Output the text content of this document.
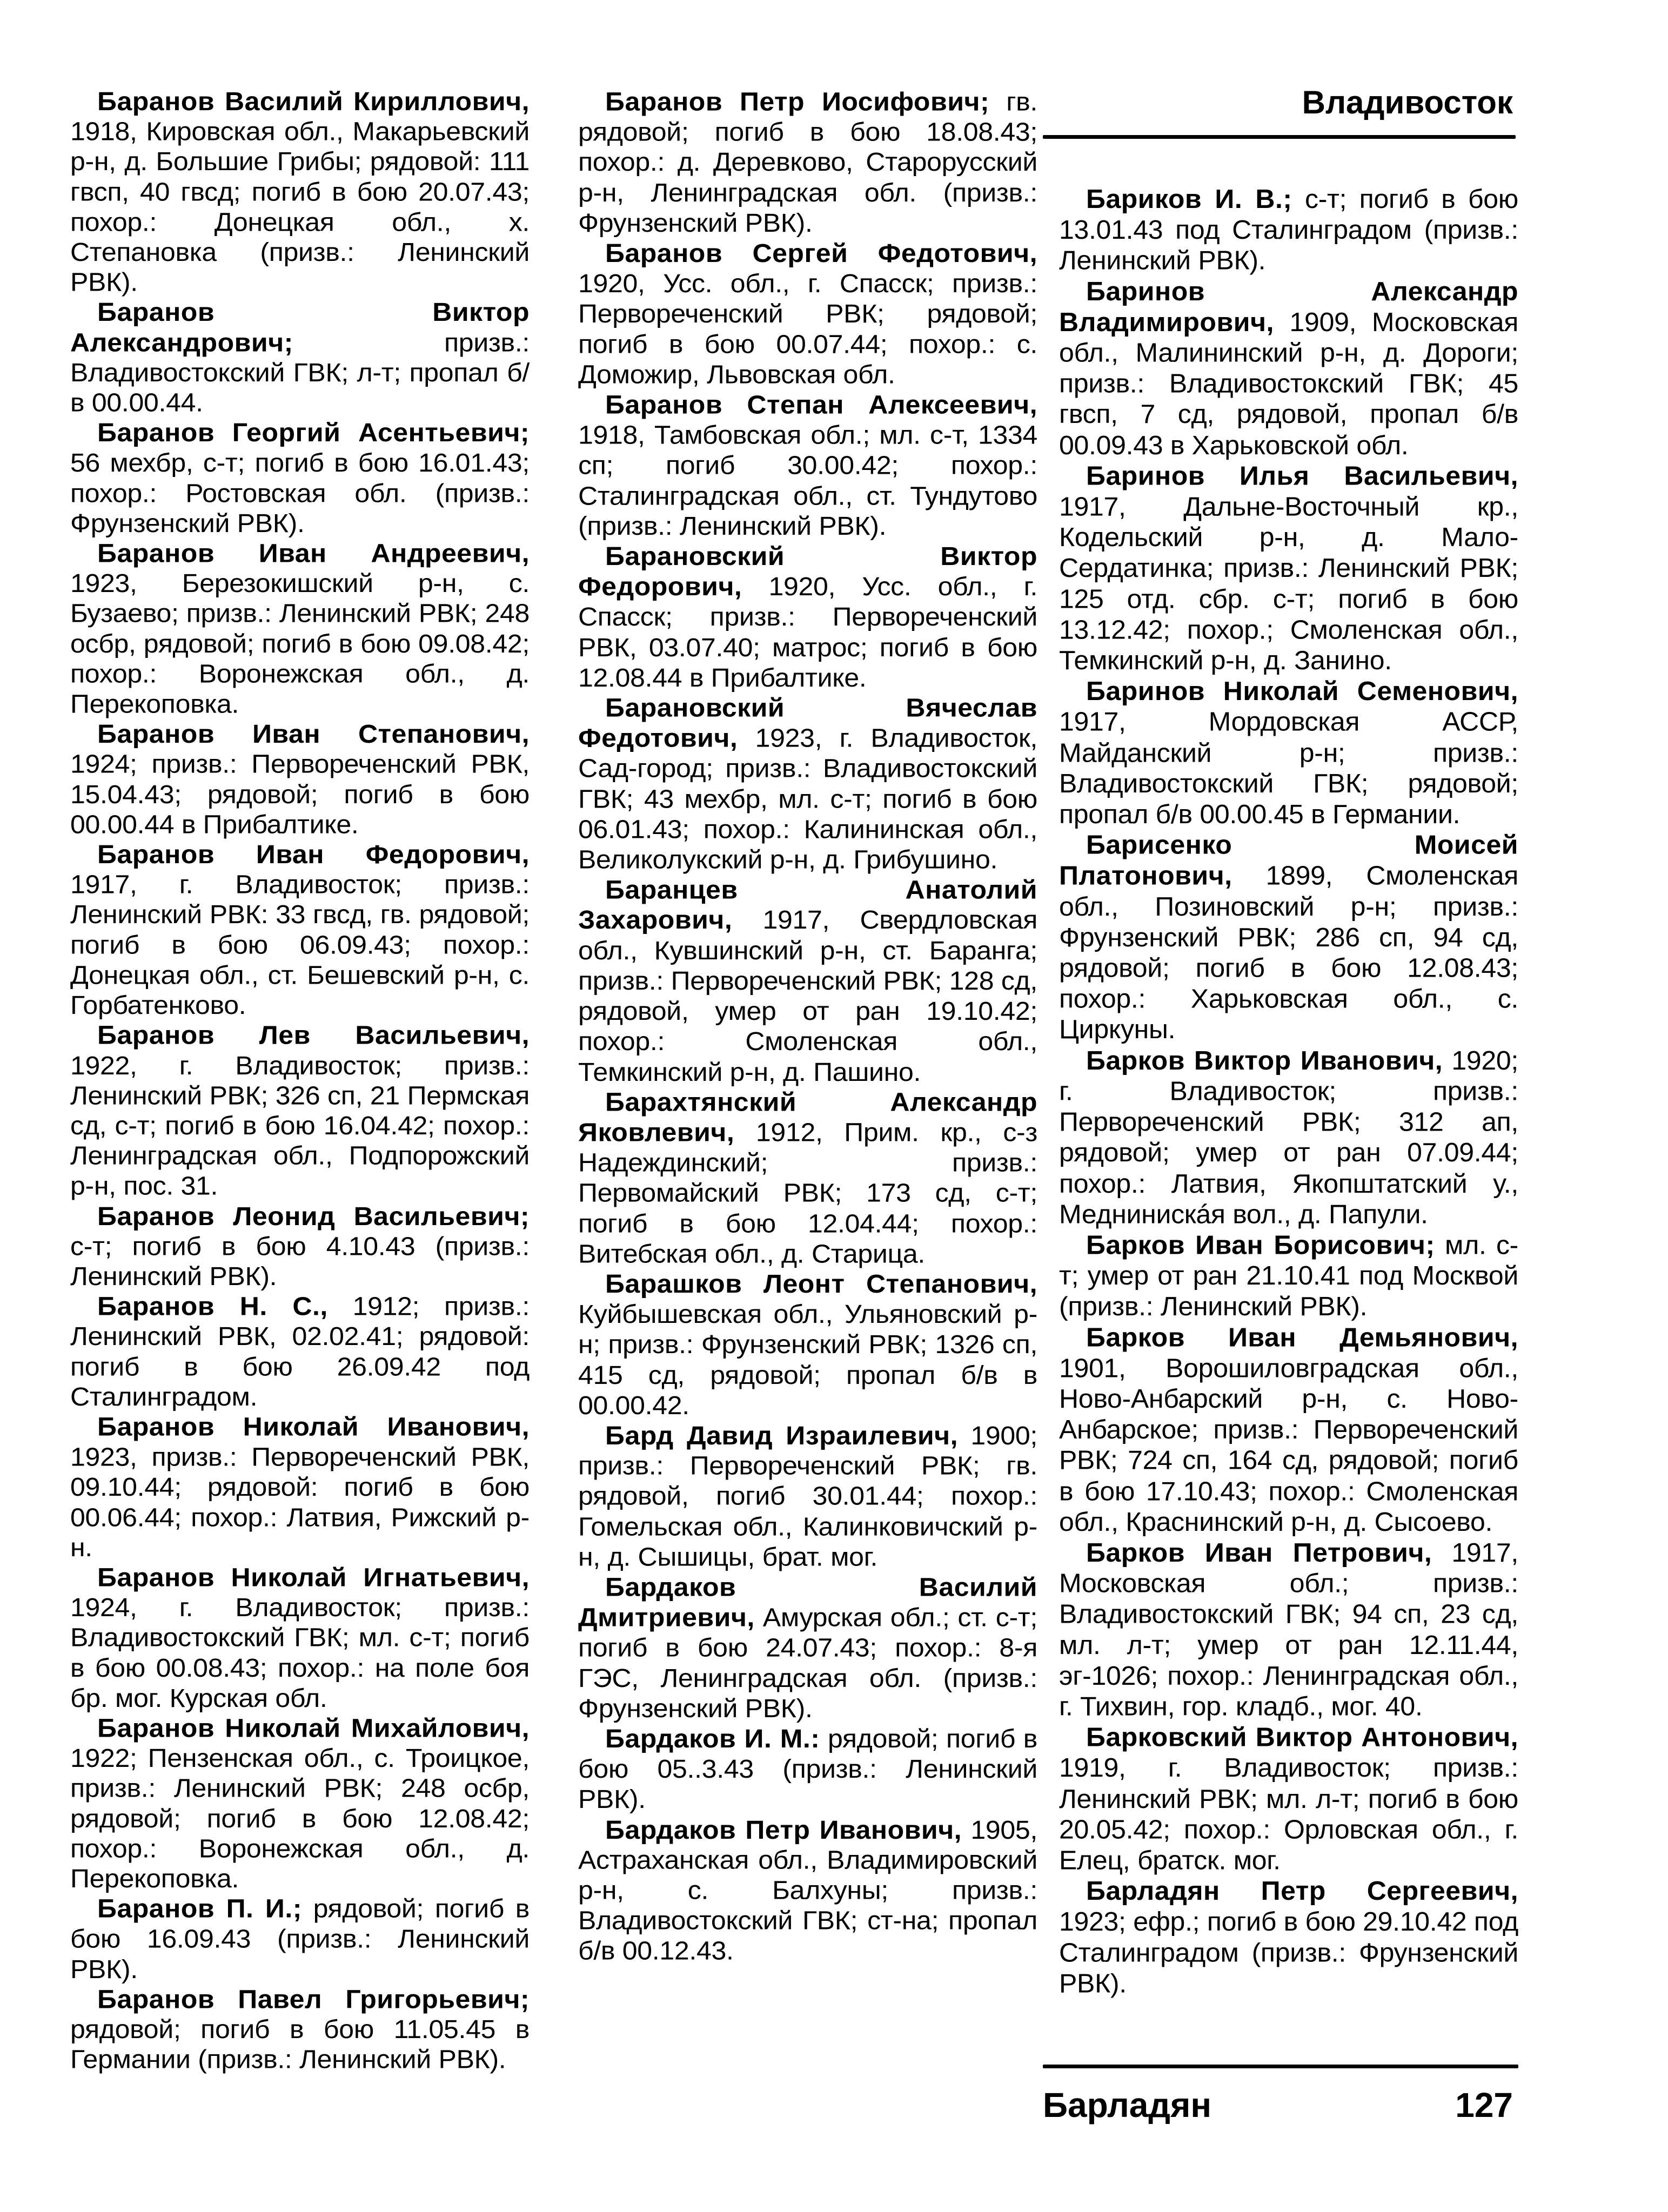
Владивосток

Баранов Василий Кириллович, 1918, Кировская обл., Макарьевский р-н, д. Большие Грибы; рядовой: 111 гвсп, 40 гвсд; погиб в бою 20.07.43; похор.: Донецкая обл., х. Степановка (призв.: Ленинский РВК).

Баранов Виктор Александрович; призв.: Владивостокский ГВК; л-т; пропал б/в 00.00.44.

Баранов Георгий Асентьевич; 56 мехбр, с-т; погиб в бою 16.01.43; похор.: Ростовская обл. (призв.: Фрунзенский РВК).

Баранов Иван Андреевич, 1923, Березокишский р-н, с. Бузаево; призв.: Ленинский РВК; 248 осбр, рядовой; погиб в бою 09.08.42; похор.: Воронежская обл., д. Перекоповка.

Баранов Иван Степанович, 1924; призв.: Первореченский РВК, 15.04.43; рядовой; погиб в бою 00.00.44 в Прибалтике.

Баранов Иван Федорович, 1917, г. Владивосток; призв.: Ленинский РВК: 33 гвсд, гв. рядовой; погиб в бою 06.09.43; похор.: Донецкая обл., ст. Бешевский р-н, с. Горбатенково.

Баранов Лев Васильевич, 1922, г. Владивосток; призв.: Ленинский РВК; 326 сп, 21 Пермская сд, с-т; погиб в бою 16.04.42; похор.: Ленинградская обл., Подпорожский р-н, пос. 31.

Баранов Леонид Васильевич; с-т; погиб в бою 4.10.43 (призв.: Ленинский РВК).

Баранов Н. С., 1912; призв.: Ленинский РВК, 02.02.41; рядовой: погиб в бою 26.09.42 под Сталинградом.

Баранов Николай Иванович, 1923, призв.: Первореченский РВК, 09.10.44; рядовой: погиб в бою 00.06.44; похор.: Латвия, Рижский р-н.

Баранов Николай Игнатьевич, 1924, г. Владивосток; призв.: Владивостокский ГВК; мл. с-т; погиб в бою 00.08.43; похор.: на поле боя бр. мог. Курская обл.

Баранов Николай Михайлович, 1922; Пензенская обл., с. Троицкое, призв.: Ленинский РВК; 248 осбр, рядовой; погиб в бою 12.08.42; похор.: Воронежская обл., д. Перекоповка.

Баранов П. И.; рядовой; погиб в бою 16.09.43 (призв.: Ленинский РВК).

Баранов Павел Григорьевич; рядовой; погиб в бою 11.05.45 в Германии (призв.: Ленинский РВК).

Баранов Петр Иосифович; гв. рядовой; погиб в бою 18.08.43; похор.: д. Деревково, Старорусский р-н, Ленинградская обл. (призв.: Фрунзенский РВК).

Баранов Сергей Федотович, 1920, Усс. обл., г. Спасск; призв.: Первореченский РВК; рядовой; погиб в бою 00.07.44; похор.: с. Доможир, Львовская обл.

Баранов Степан Алексеевич, 1918, Тамбовская обл.; мл. с-т, 1334 сп; погиб 30.00.42; похор.: Сталинградская обл., ст. Тундутово (призв.: Ленинский РВК).

Барановский Виктор Федорович, 1920, Усс. обл., г. Спасск; призв.: Первореченский РВК, 03.07.40; матрос; погиб в бою 12.08.44 в Прибалтике.

Барановский Вячеслав Федотович, 1923, г. Владивосток, Сад-город; призв.: Владивостокский ГВК; 43 мехбр, мл. с-т; погиб в бою 06.01.43; похор.: Калининская обл., Великолукский р-н, д. Грибушино.

Баранцев Анатолий Захарович, 1917, Свердловская обл., Кувшинский р-н, ст. Баранга; призв.: Первореченский РВК; 128 сд, рядовой, умер от ран 19.10.42; похор.: Смоленская обл., Темкинский р-н, д. Пашино.

Барахтянский Александр Яковлевич, 1912, Прим. кр., с-з Надеждинский; призв.: Первомайский РВК; 173 сд, с-т; погиб в бою 12.04.44; похор.: Витебская обл., д. Старица.

Барашков Леонт Степанович, Куйбышевская обл., Ульяновский р-н; призв.: Фрунзенский РВК; 1326 сп, 415 сд, рядовой; пропал б/в в 00.00.42.

Бард Давид Израилевич, 1900; призв.: Первореченский РВК; гв. рядовой, погиб 30.01.44; похор.: Гомельская обл., Калинковичский р-н, д. Сышицы, брат. мог.

Бардаков Василий Дмитриевич, Амурская обл.; ст. с-т; погиб в бою 24.07.43; похор.: 8-я ГЭС, Ленинградская обл. (призв.: Фрунзенский РВК).

Бардаков И. М.: рядовой; погиб в бою 05..3.43 (призв.: Ленинский РВК).

Бардаков Петр Иванович, 1905, Астраханская обл., Владимировский р-н, с. Балхуны; призв.: Владивостокский ГВК; ст-на; пропал б/в 00.12.43.

Бариков И. В.; с-т; погиб в бою 13.01.43 под Сталинградом (призв.: Ленинский РВК).

Баринов Александр Владимирович, 1909, Московская обл., Малининский р-н, д. Дороги; призв.: Владивостокский ГВК; 45 гвсп, 7 сд, рядовой, пропал б/в 00.09.43 в Харьковской обл.

Баринов Илья Васильевич, 1917, Дальне-Восточный кр., Кодельский р-н, д. Мало-Сердатинка; призв.: Ленинский РВК; 125 отд. сбр. с-т; погиб в бою 13.12.42; похор.; Смоленская обл., Темкинский р-н, д. Занино.

Баринов Николай Семенович, 1917, Мордовская АССР, Майданский р-н; призв.: Владивостокский ГВК; рядовой; пропал б/в 00.00.45 в Германии.

Барисенко Моисей Платонович, 1899, Смоленская обл., Позиновский р-н; призв.: Фрунзенский РВК; 286 сп, 94 сд, рядовой; погиб в бою 12.08.43; похор.: Харьковская обл., с. Циркуны.

Барков Виктор Иванович, 1920; г. Владивосток; призв.: Первореченский РВК; 312 ап, рядовой; умер от ран 07.09.44; похор.: Латвия, Якопштатский у., Меднинискáя вол., д. Папули.

Барков Иван Борисович; мл. с-т; умер от ран 21.10.41 под Москвой (призв.: Ленинский РВК).

Барков Иван Демьянович, 1901, Ворошиловградская обл., Ново-Анбарский р-н, с. Ново-Анбарское; призв.: Первореченский РВК; 724 сп, 164 сд, рядовой; погиб в бою 17.10.43; похор.: Смоленская обл., Краснинский р-н, д. Сысоево.

Барков Иван Петрович, 1917, Московская обл.; призв.: Владивостокский ГВК; 94 сп, 23 сд, мл. л-т; умер от ран 12.11.44, эг-1026; похор.: Ленинградская обл., г. Тихвин, гор. кладб., мог. 40.

Барковский Виктор Антонович, 1919, г. Владивосток; призв.: Ленинский РВК; мл. л-т; погиб в бою 20.05.42; похор.: Орловская обл., г. Елец, братск. мог.

Барладян Петр Сергеевич, 1923; ефр.; погиб в бою 29.10.42 под Сталинградом (призв.: Фрунзенский РВК).

Барладян	127
